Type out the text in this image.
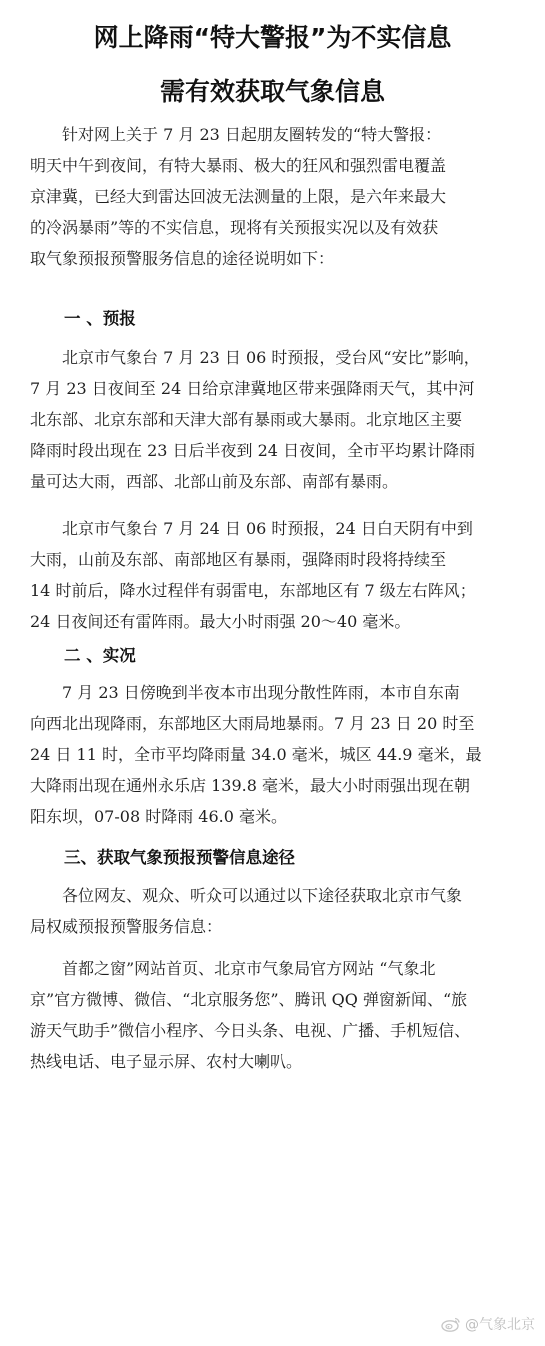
网上降雨“特大警报”为不实信息
需有效获取气象信息
针对网上关于 7 月 23 日起朋友圈转发的“特大警报：
明天中午到夜间，有特大暴雨、极大的狂风和强烈雷电覆盖
京津冀，已经大到雷达回波无法测量的上限，是六年来最大
的冷涡暴雨”等的不实信息，现将有关预报实况以及有效获
取气象预报预警服务信息的途径说明如下：
一 、预报
北京市气象台 7 月 23 日 06 时预报，受台风“安比”影响，
7 月 23 日夜间至 24 日给京津冀地区带来强降雨天气，其中河
北东部、北京东部和天津大部有暴雨或大暴雨。北京地区主要
降雨时段出现在 23 日后半夜到 24 日夜间，全市平均累计降雨
量可达大雨，西部、北部山前及东部、南部有暴雨。
北京市气象台 7 月 24 日 06 时预报，24 日白天阴有中到
大雨，山前及东部、南部地区有暴雨，强降雨时段将持续至
14 时前后，降水过程伴有弱雷电，东部地区有 7 级左右阵风；
24 日夜间还有雷阵雨。最大小时雨强 20～40 毫米。
二 、实况
7 月 23 日傍晚到半夜本市出现分散性阵雨，本市自东南
向西北出现降雨，东部地区大雨局地暴雨。7 月 23 日 20 时至
24 日 11 时，全市平均降雨量 34.0 毫米，城区 44.9 毫米，最
大降雨出现在通州永乐店 139.8 毫米，最大小时雨强出现在朝
阳东坝，07-08 时降雨 46.0 毫米。
三、获取气象预报预警信息途径
各位网友、观众、听众可以通过以下途径获取北京市气象
局权威预报预警服务信息：
首都之窗”网站首页、北京市气象局官方网站 “气象北
京”官方微博、微信、“北京服务您”、腾讯 QQ 弹窗新闻、“旅
游天气助手”微信小程序、今日头条、电视、广播、手机短信、
热线电话、电子显示屏、农村大喇叭。
@气象北京
